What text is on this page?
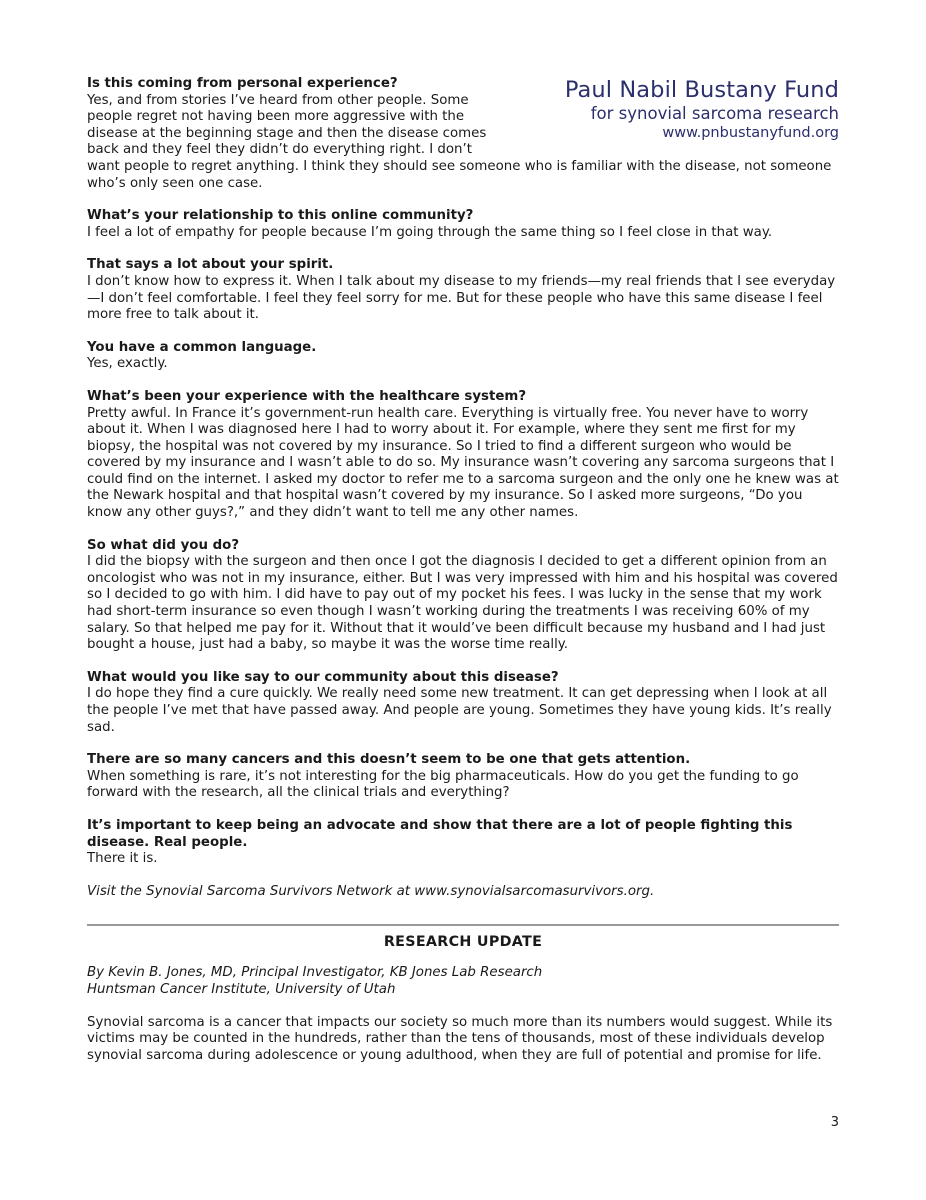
Paul Nabil Bustany Fund
for synovial sarcoma research
www.pnbustanyfund.org

Is this coming from personal experience?

Yes, and from stories I’ve heard from other people. Some people regret not having been more aggressive with the disease at the beginning stage and then the disease comes back and they feel they didn’t do everything right. I don’t want people to regret anything. I think they should see someone who is familiar with the disease, not someone who’s only seen one case.

What’s your relationship to this online community?

I feel a lot of empathy for people because I’m going through the same thing so I feel close in that way.

That says a lot about your spirit.

I don’t know how to express it. When I talk about my disease to my friends—my real friends that I see everyday—I don’t feel comfortable. I feel they feel sorry for me. But for these people who have this same disease I feel more free to talk about it.

You have a common language.

Yes, exactly.

What’s been your experience with the healthcare system?

Pretty awful. In France it’s government-run health care. Everything is virtually free. You never have to worry about it. When I was diagnosed here I had to worry about it. For example, where they sent me first for my biopsy, the hospital was not covered by my insurance. So I tried to find a different surgeon who would be covered by my insurance and I wasn’t able to do so. My insurance wasn’t covering any sarcoma surgeons that I could find on the internet. I asked my doctor to refer me to a sarcoma surgeon and the only one he knew was at the Newark hospital and that hospital wasn’t covered by my insurance. So I asked more surgeons, “Do you know any other guys?,” and they didn’t want to tell me any other names.

So what did you do?

I did the biopsy with the surgeon and then once I got the diagnosis I decided to get a different opinion from an oncologist who was not in my insurance, either. But I was very impressed with him and his hospital was covered so I decided to go with him. I did have to pay out of my pocket his fees. I was lucky in the sense that my work had short-term insurance so even though I wasn’t working during the treatments I was receiving 60% of my salary. So that helped me pay for it. Without that it would’ve been difficult because my husband and I had just bought a house, just had a baby, so maybe it was the worse time really.

What would you like say to our community about this disease?

I do hope they find a cure quickly. We really need some new treatment. It can get depressing when I look at all the people I’ve met that have passed away. And people are young. Sometimes they have young kids. It’s really sad.

There are so many cancers and this doesn’t seem to be one that gets attention.

When something is rare, it’s not interesting for the big pharmaceuticals. How do you get the funding to go forward with the research, all the clinical trials and everything?

It’s important to keep being an advocate and show that there are a lot of people fighting this disease. Real people.

There it is.

Visit the Synovial Sarcoma Survivors Network at www.synovialsarcomasurvivors.org.

RESEARCH UPDATE

By Kevin B. Jones, MD, Principal Investigator, KB Jones Lab Research

Huntsman Cancer Institute, University of Utah

Synovial sarcoma is a cancer that impacts our society so much more than its numbers would suggest. While its victims may be counted in the hundreds, rather than the tens of thousands, most of these individuals develop synovial sarcoma during adolescence or young adulthood, when they are full of potential and promise for life.

3
